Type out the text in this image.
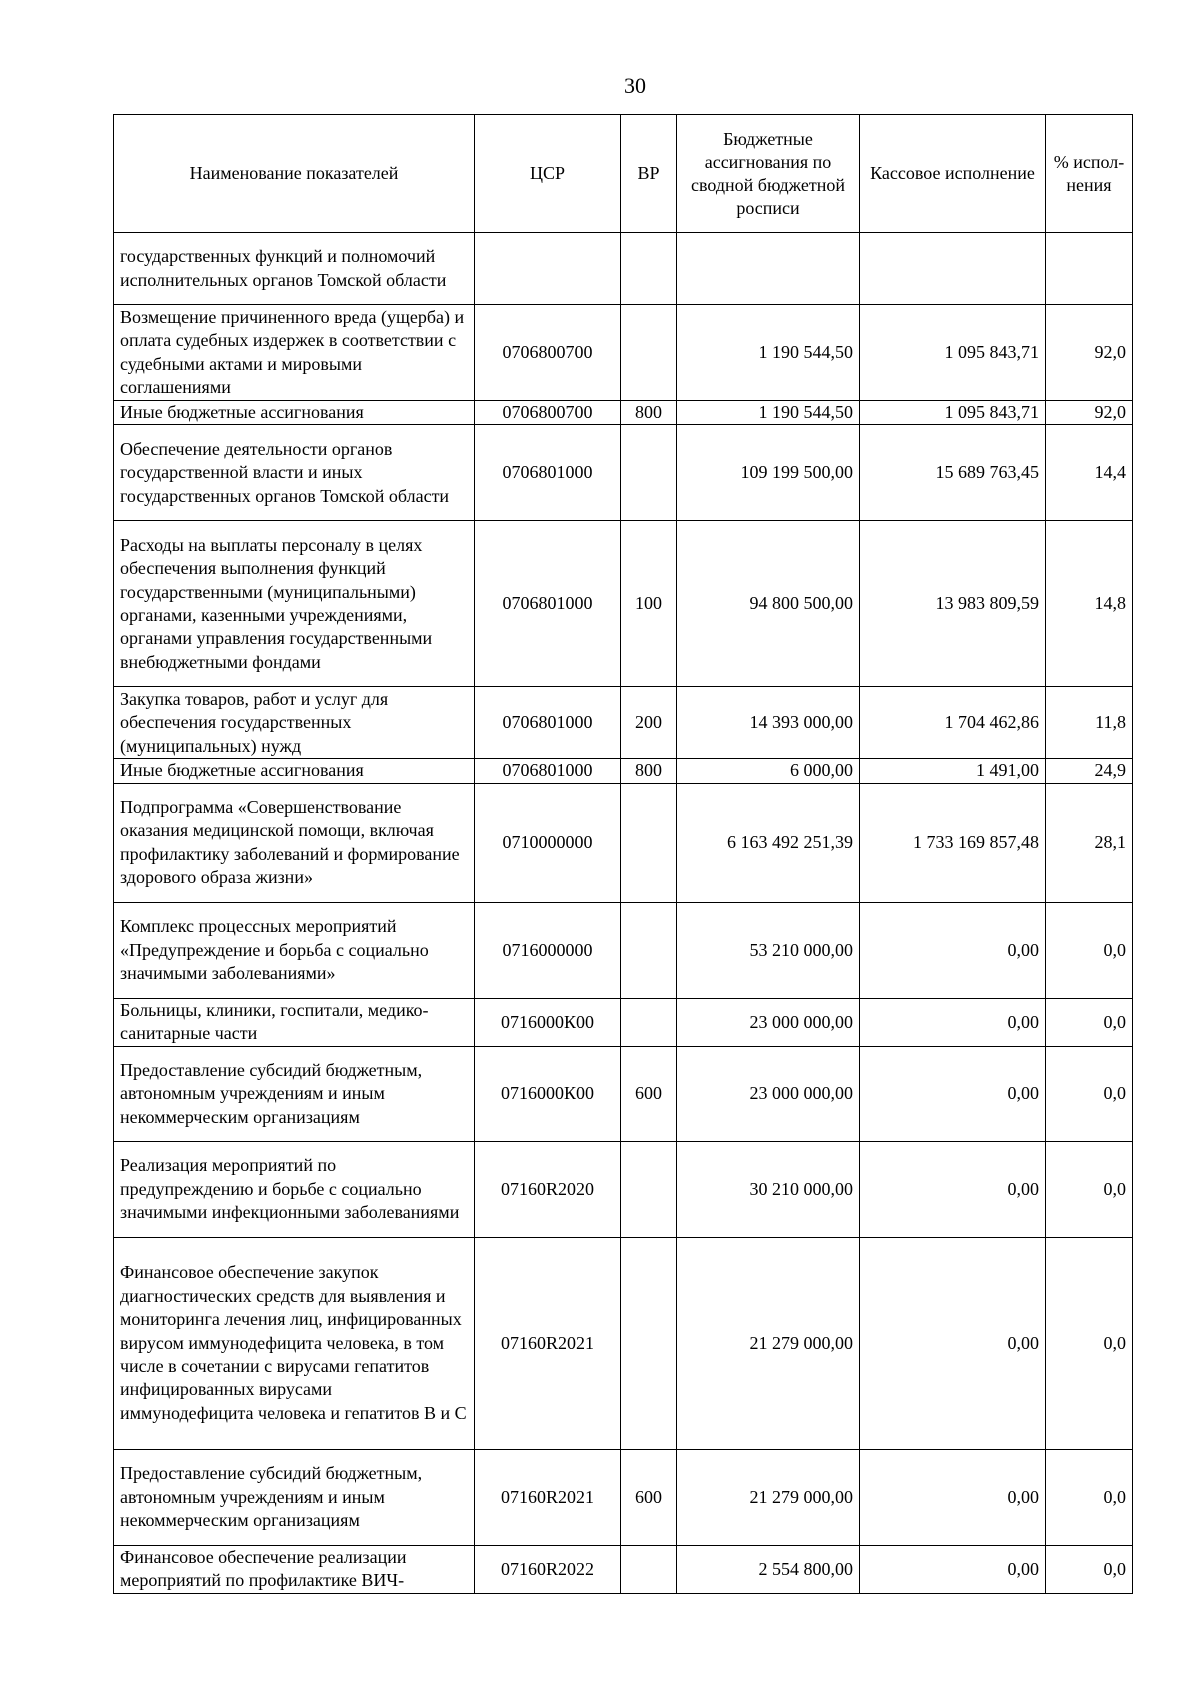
30
Наименование показателей	ЦСР	ВР	Бюджетные ассигнования по сводной бюджетной росписи	Кассовое исполнение	% испол-нения
государственных функций и полномочий исполнительных органов Томской области					
Возмещение причиненного вреда (ущерба) и оплата судебных издержек в соответствии с судебными актами и мировыми соглашениями	0706800700		1 190 544,50	1 095 843,71	92,0
Иные бюджетные ассигнования	0706800700	800	1 190 544,50	1 095 843,71	92,0
Обеспечение деятельности органов государственной власти и иных государственных органов Томской области	0706801000		109 199 500,00	15 689 763,45	14,4
Расходы на выплаты персоналу в целях обеспечения выполнения функций государственными (муниципальными) органами, казенными учреждениями, органами управления государственными внебюджетными фондами	0706801000	100	94 800 500,00	13 983 809,59	14,8
Закупка товаров, работ и услуг для обеспечения государственных (муниципальных) нужд	0706801000	200	14 393 000,00	1 704 462,86	11,8
Иные бюджетные ассигнования	0706801000	800	6 000,00	1 491,00	24,9
Подпрограмма «Совершенствование оказания медицинской помощи, включая профилактику заболеваний и формирование здорового образа жизни»	0710000000		6 163 492 251,39	1 733 169 857,48	28,1
Комплекс процессных мероприятий «Предупреждение и борьба с социально значимыми заболеваниями»	0716000000		53 210 000,00	0,00	0,0
Больницы, клиники, госпитали, медико-санитарные части	0716000К00		23 000 000,00	0,00	0,0
Предоставление субсидий бюджетным, автономным учреждениям и иным некоммерческим организациям	0716000К00	600	23 000 000,00	0,00	0,0
Реализация мероприятий по предупреждению и борьбе с социально значимыми инфекционными заболеваниями	07160R2020		30 210 000,00	0,00	0,0
Финансовое обеспечение закупок диагностических средств для выявления и мониторинга лечения лиц, инфицированных вирусом иммунодефицита человека, в том числе в сочетании с вирусами гепатитов инфицированных вирусами иммунодефицита человека и гепатитов В и С	07160R2021		21 279 000,00	0,00	0,0
Предоставление субсидий бюджетным, автономным учреждениям и иным некоммерческим организациям	07160R2021	600	21 279 000,00	0,00	0,0
Финансовое обеспечение реализации мероприятий по профилактике ВИЧ-	07160R2022		2 554 800,00	0,00	0,0
